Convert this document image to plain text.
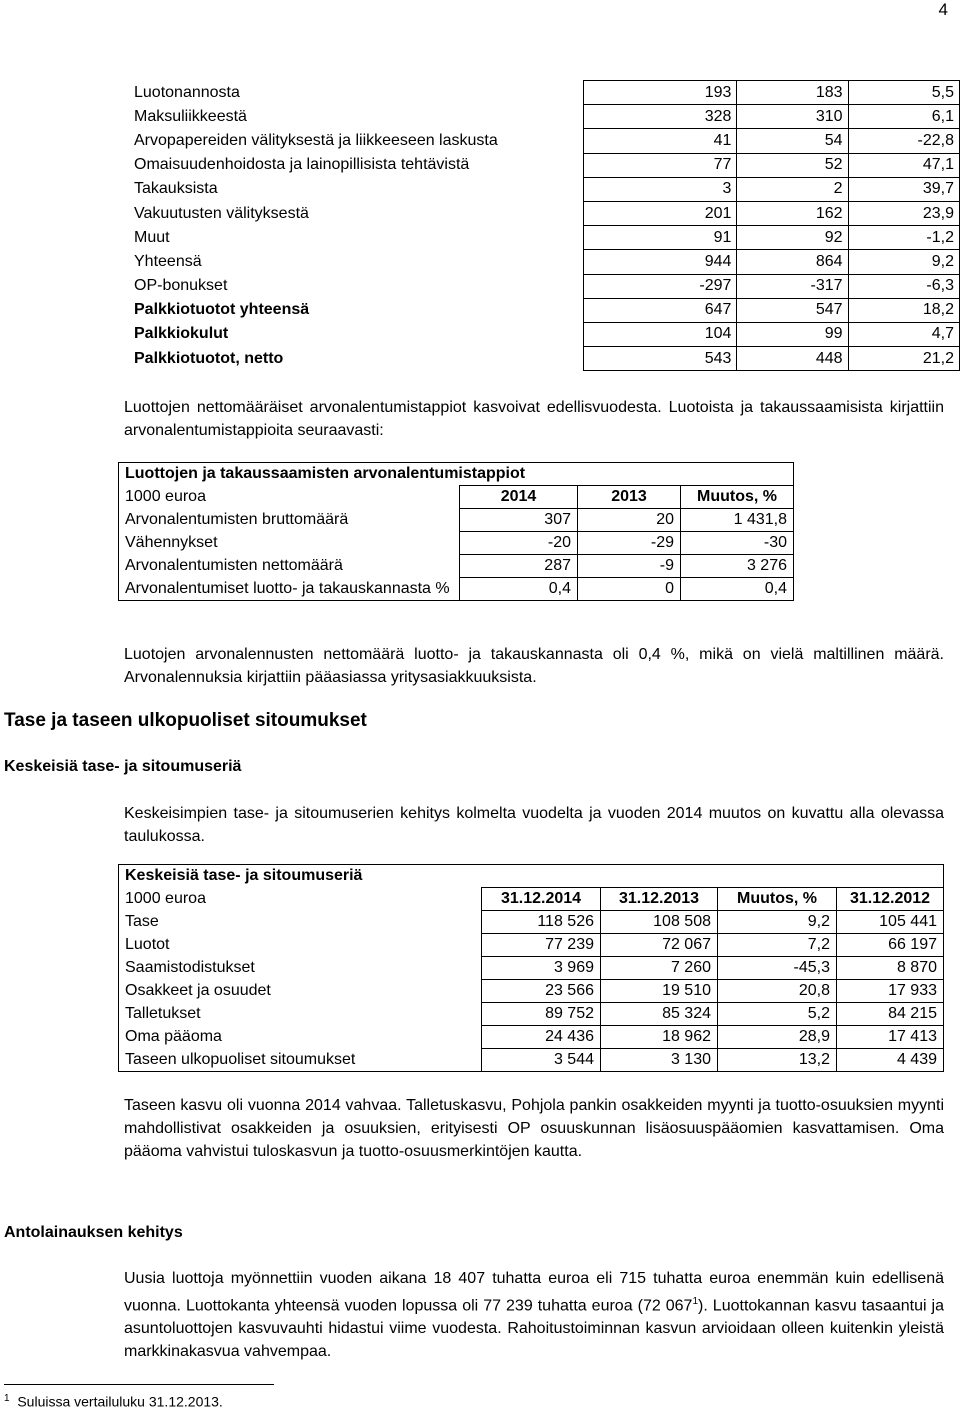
4
Luotonannosta	193	183	5,5
Maksuliikkeestä	328	310	6,1
Arvopapereiden välityksestä ja liikkeeseen laskusta	41	54	-22,8
Omaisuudenhoidosta ja lainopillisista tehtävistä	77	52	47,1
Takauksista	3	2	39,7
Vakuutusten välityksestä	201	162	23,9
Muut	91	92	-1,2
Yhteensä	944	864	9,2
OP-bonukset	-297	-317	-6,3
Palkkiotuotot yhteensä	647	547	18,2
Palkkiokulut	104	99	4,7
Palkkiotuotot, netto	543	448	21,2
Luottojen nettomääräiset arvonalentumistappiot kasvoivat edellisvuodesta. Luotoista ja takaussaamisista kirjattiin arvonalentumistappioita seuraavasti:
Luottojen ja takaussaamisten arvonalentumistappiot			
1000 euroa	2014	2013	Muutos, %
Arvonalentumisten bruttomäärä	307	20	1 431,8
Vähennykset	-20	-29	-30
Arvonalentumisten nettomäärä	287	-9	3 276
Arvonalentumiset luotto- ja takauskannasta %	0,4	0	0,4
Luotojen arvonalennusten nettomäärä luotto- ja takauskannasta oli 0,4 %, mikä on vielä maltillinen määrä. Arvonalennuksia kirjattiin pääasiassa yritysasiakkuuksista.
Tase ja taseen ulkopuoliset sitoumukset
Keskeisiä tase- ja sitoumuseriä
Keskeisimpien tase- ja sitoumuserien kehitys kolmelta vuodelta ja vuoden 2014 muutos on kuvattu alla olevassa taulukossa.
Keskeisiä tase- ja sitoumuseriä				
1000 euroa	31.12.2014	31.12.2013	Muutos, %	31.12.2012
Tase	118 526	108 508	9,2	105 441
Luotot	77 239	72 067	7,2	66 197
Saamistodistukset	3 969	7 260	-45,3	8 870
Osakkeet ja osuudet	23 566	19 510	20,8	17 933
Talletukset	89 752	85 324	5,2	84 215
Oma pääoma	24 436	18 962	28,9	17 413
Taseen ulkopuoliset sitoumukset	3 544	3 130	13,2	4 439
Taseen kasvu oli vuonna 2014 vahvaa. Talletuskasvu, Pohjola pankin osakkeiden myynti ja tuotto-osuuksien myynti mahdollistivat osakkeiden ja osuuksien, erityisesti OP osuuskunnan lisäosuuspääomien kasvattamisen. Oma pääoma vahvistui tuloskasvun ja tuotto-osuusmerkintöjen kautta.
Antolainauksen kehitys
Uusia luottoja myönnettiin vuoden aikana 18 407 tuhatta euroa eli 715 tuhatta euroa enemmän kuin edellisenä vuonna. Luottokanta yhteensä vuoden lopussa oli 77 239 tuhatta euroa (72 $067^1$). Luottokannan kasvu tasaantui ja asuntoluottojen kasvuvauhti hidastui viime vuodesta. Rahoitustoiminnan kasvun arvioidaan olleen kuitenkin yleistä markkinakasvua vahvempaa.
$^1$ Suluissa vertailuluku 31.12.2013.
